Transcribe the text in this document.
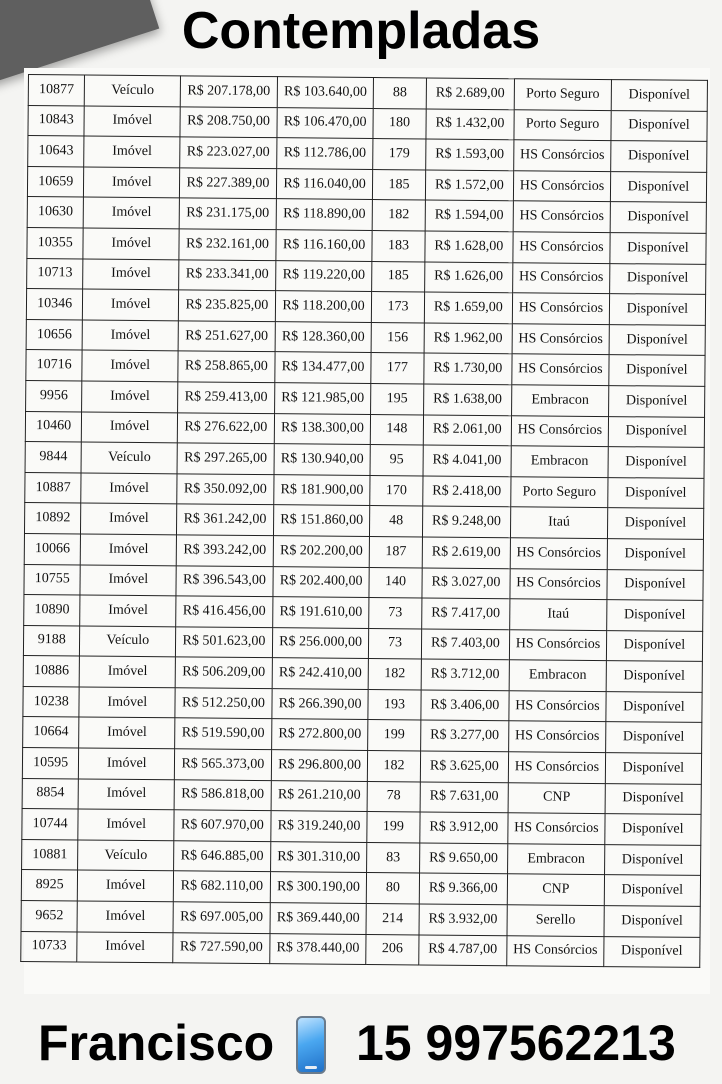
Contempladas
10877	Veículo	R$ 207.178,00	R$ 103.640,00	88	R$ 2.689,00	Porto Seguro	Disponível
10843	Imóvel	R$ 208.750,00	R$ 106.470,00	180	R$ 1.432,00	Porto Seguro	Disponível
10643	Imóvel	R$ 223.027,00	R$ 112.786,00	179	R$ 1.593,00	HS Consórcios	Disponível
10659	Imóvel	R$ 227.389,00	R$ 116.040,00	185	R$ 1.572,00	HS Consórcios	Disponível
10630	Imóvel	R$ 231.175,00	R$ 118.890,00	182	R$ 1.594,00	HS Consórcios	Disponível
10355	Imóvel	R$ 232.161,00	R$ 116.160,00	183	R$ 1.628,00	HS Consórcios	Disponível
10713	Imóvel	R$ 233.341,00	R$ 119.220,00	185	R$ 1.626,00	HS Consórcios	Disponível
10346	Imóvel	R$ 235.825,00	R$ 118.200,00	173	R$ 1.659,00	HS Consórcios	Disponível
10656	Imóvel	R$ 251.627,00	R$ 128.360,00	156	R$ 1.962,00	HS Consórcios	Disponível
10716	Imóvel	R$ 258.865,00	R$ 134.477,00	177	R$ 1.730,00	HS Consórcios	Disponível
9956	Imóvel	R$ 259.413,00	R$ 121.985,00	195	R$ 1.638,00	Embracon	Disponível
10460	Imóvel	R$ 276.622,00	R$ 138.300,00	148	R$ 2.061,00	HS Consórcios	Disponível
9844	Veículo	R$ 297.265,00	R$ 130.940,00	95	R$ 4.041,00	Embracon	Disponível
10887	Imóvel	R$ 350.092,00	R$ 181.900,00	170	R$ 2.418,00	Porto Seguro	Disponível
10892	Imóvel	R$ 361.242,00	R$ 151.860,00	48	R$ 9.248,00	Itaú	Disponível
10066	Imóvel	R$ 393.242,00	R$ 202.200,00	187	R$ 2.619,00	HS Consórcios	Disponível
10755	Imóvel	R$ 396.543,00	R$ 202.400,00	140	R$ 3.027,00	HS Consórcios	Disponível
10890	Imóvel	R$ 416.456,00	R$ 191.610,00	73	R$ 7.417,00	Itaú	Disponível
9188	Veículo	R$ 501.623,00	R$ 256.000,00	73	R$ 7.403,00	HS Consórcios	Disponível
10886	Imóvel	R$ 506.209,00	R$ 242.410,00	182	R$ 3.712,00	Embracon	Disponível
10238	Imóvel	R$ 512.250,00	R$ 266.390,00	193	R$ 3.406,00	HS Consórcios	Disponível
10664	Imóvel	R$ 519.590,00	R$ 272.800,00	199	R$ 3.277,00	HS Consórcios	Disponível
10595	Imóvel	R$ 565.373,00	R$ 296.800,00	182	R$ 3.625,00	HS Consórcios	Disponível
8854	Imóvel	R$ 586.818,00	R$ 261.210,00	78	R$ 7.631,00	CNP	Disponível
10744	Imóvel	R$ 607.970,00	R$ 319.240,00	199	R$ 3.912,00	HS Consórcios	Disponível
10881	Veículo	R$ 646.885,00	R$ 301.310,00	83	R$ 9.650,00	Embracon	Disponível
8925	Imóvel	R$ 682.110,00	R$ 300.190,00	80	R$ 9.366,00	CNP	Disponível
9652	Imóvel	R$ 697.005,00	R$ 369.440,00	214	R$ 3.932,00	Serello	Disponível
10733	Imóvel	R$ 727.590,00	R$ 378.440,00	206	R$ 4.787,00	HS Consórcios	Disponível
Francisco 15 997562213
